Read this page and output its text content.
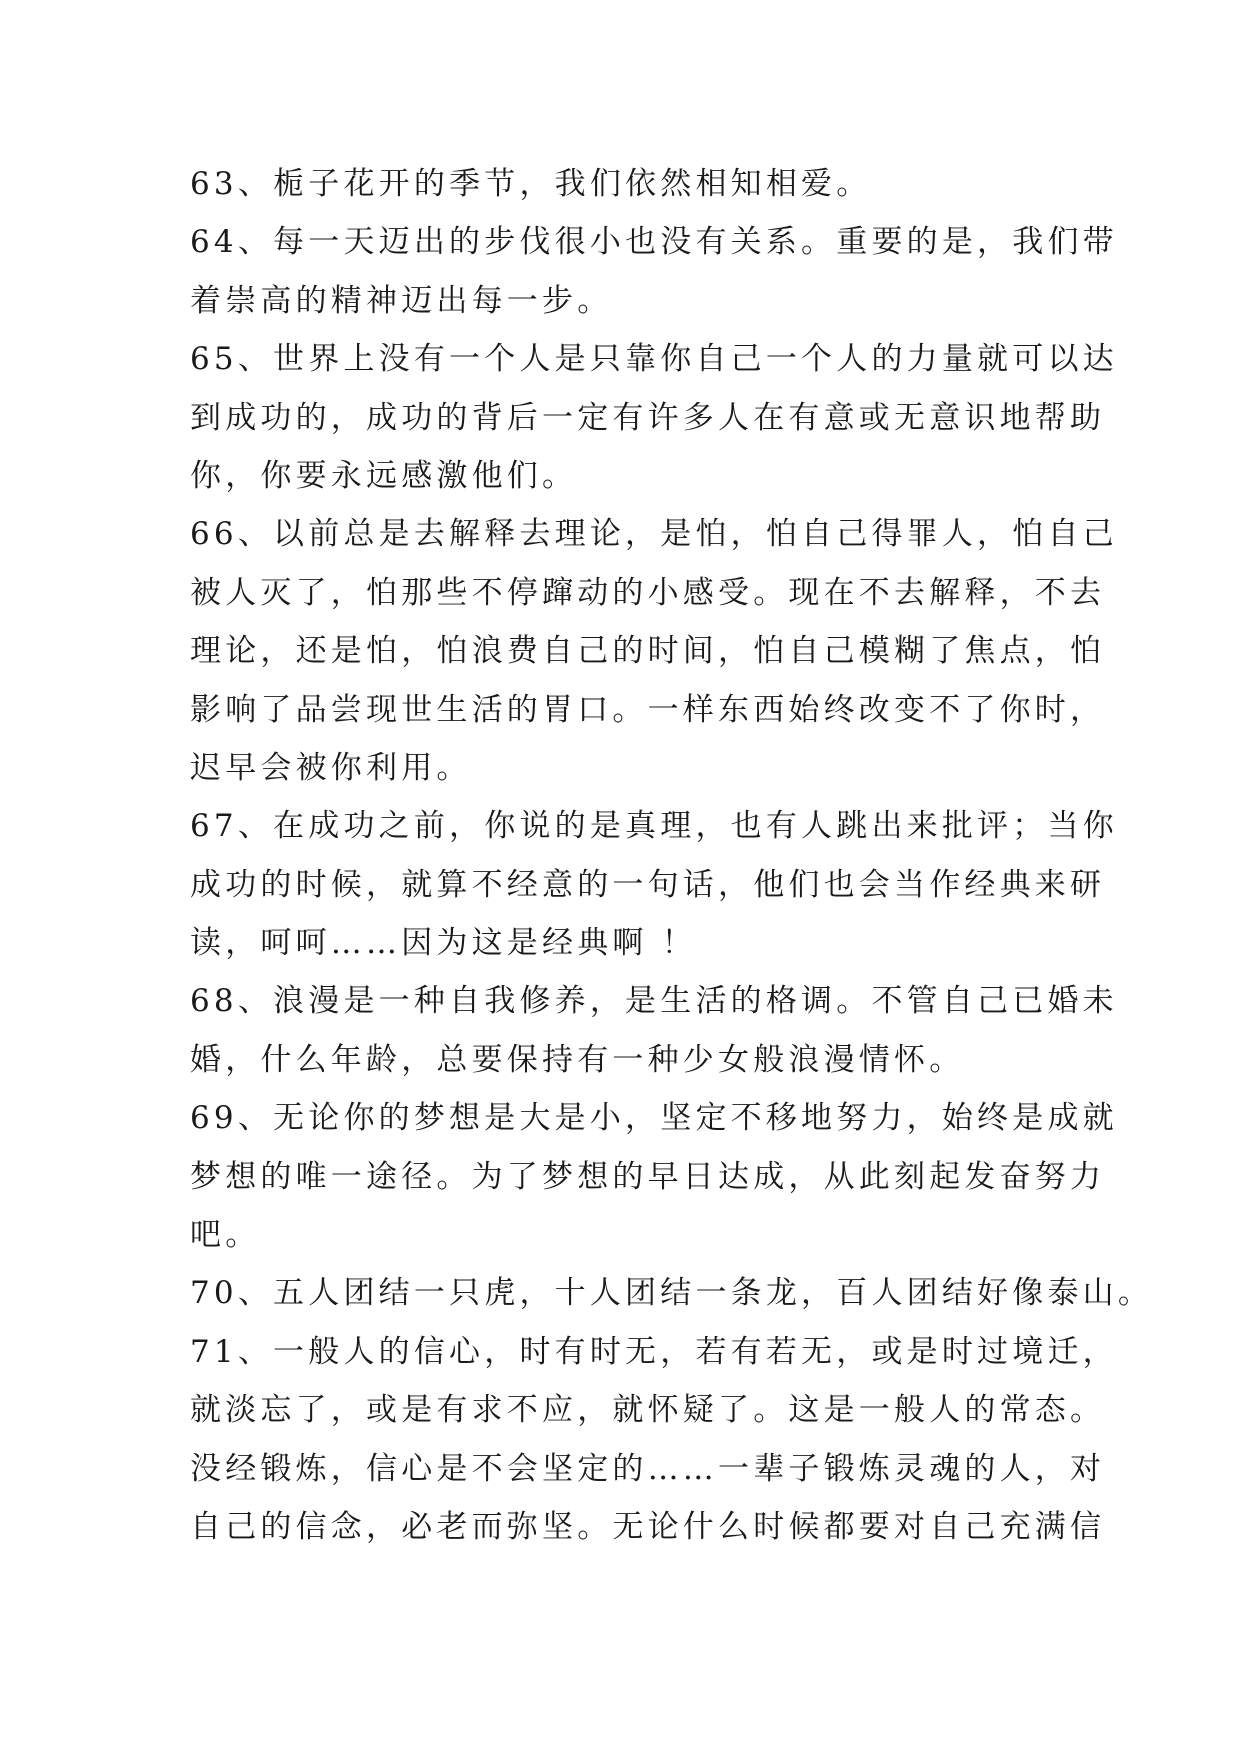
63、栀子花开的季节，我们依然相知相爱。
64、每一天迈出的步伐很小也没有关系。重要的是，我们带
着崇高的精神迈出每一步。
65、世界上没有一个人是只靠你自己一个人的力量就可以达
到成功的，成功的背后一定有许多人在有意或无意识地帮助
你，你要永远感激他们。
66、以前总是去解释去理论，是怕，怕自己得罪人，怕自己
被人灭了，怕那些不停蹿动的小感受。现在不去解释，不去
理论，还是怕，怕浪费自己的时间，怕自己模糊了焦点，怕
影响了品尝现世生活的胃口。一样东西始终改变不了你时，
迟早会被你利用。
67、在成功之前，你说的是真理，也有人跳出来批评；当你
成功的时候，就算不经意的一句话，他们也会当作经典来研
读，呵呵……因为这是经典啊 ！
68、浪漫是一种自我修养，是生活的格调。不管自己已婚未
婚，什么年龄，总要保持有一种少女般浪漫情怀。
69、无论你的梦想是大是小，坚定不移地努力，始终是成就
梦想的唯一途径。为了梦想的早日达成，从此刻起发奋努力
吧。
70、五人团结一只虎，十人团结一条龙，百人团结好像泰山。
71、一般人的信心，时有时无，若有若无，或是时过境迁，
就淡忘了，或是有求不应，就怀疑了。这是一般人的常态。
没经锻炼，信心是不会坚定的……一辈子锻炼灵魂的人，对
自己的信念，必老而弥坚。无论什么时候都要对自己充满信
